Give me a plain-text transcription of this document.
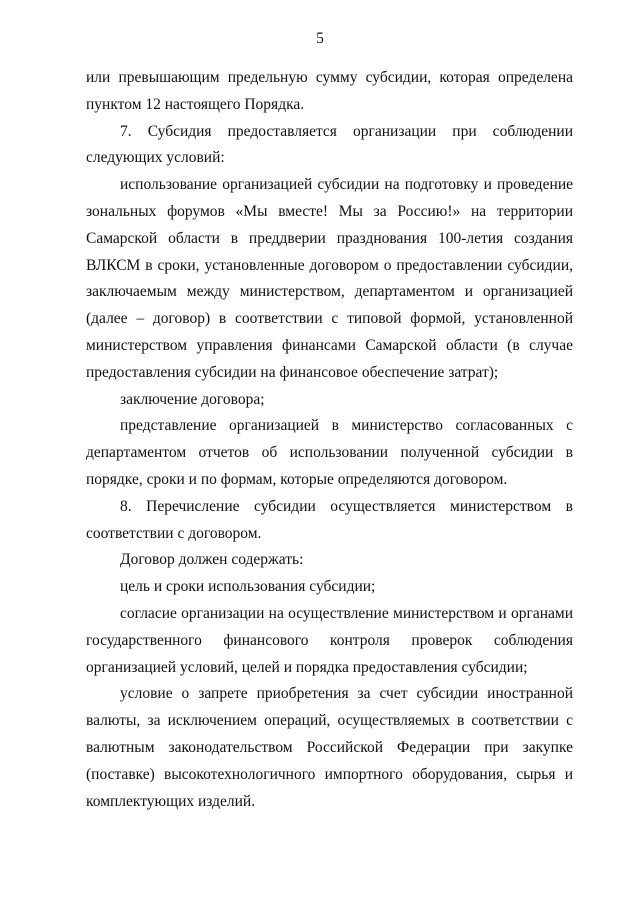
5

или превышающим предельную сумму субсидии, которая определена пунктом 12 настоящего Порядка.

7. Субсидия предоставляется организации при соблюдении следующих условий:

использование организацией субсидии на подготовку и проведение зональных форумов «Мы вместе! Мы за Россию!» на территории Самарской области в преддверии празднования 100-летия создания ВЛКСМ в сроки, установленные договором о предоставлении субсидии, заключаемым между министерством, департаментом и организацией (далее – договор) в соответствии с типовой формой, установленной министерством управления финансами Самарской области (в случае предоставления субсидии на финансовое обеспечение затрат);

заключение договора;

представление организацией в министерство согласованных с департаментом отчетов об использовании полученной субсидии в порядке, сроки и по формам, которые определяются договором.

8. Перечисление субсидии осуществляется министерством в соответствии с договором.

Договор должен содержать:

цель и сроки использования субсидии;

согласие организации на осуществление министерством и органами государственного финансового контроля проверок соблюдения организацией условий, целей и порядка предоставления субсидии;

условие о запрете приобретения за счет субсидии иностранной валюты, за исключением операций, осуществляемых в соответствии с валютным законодательством Российской Федерации при закупке (поставке) высокотехнологичного импортного оборудования, сырья и комплектующих изделий.
